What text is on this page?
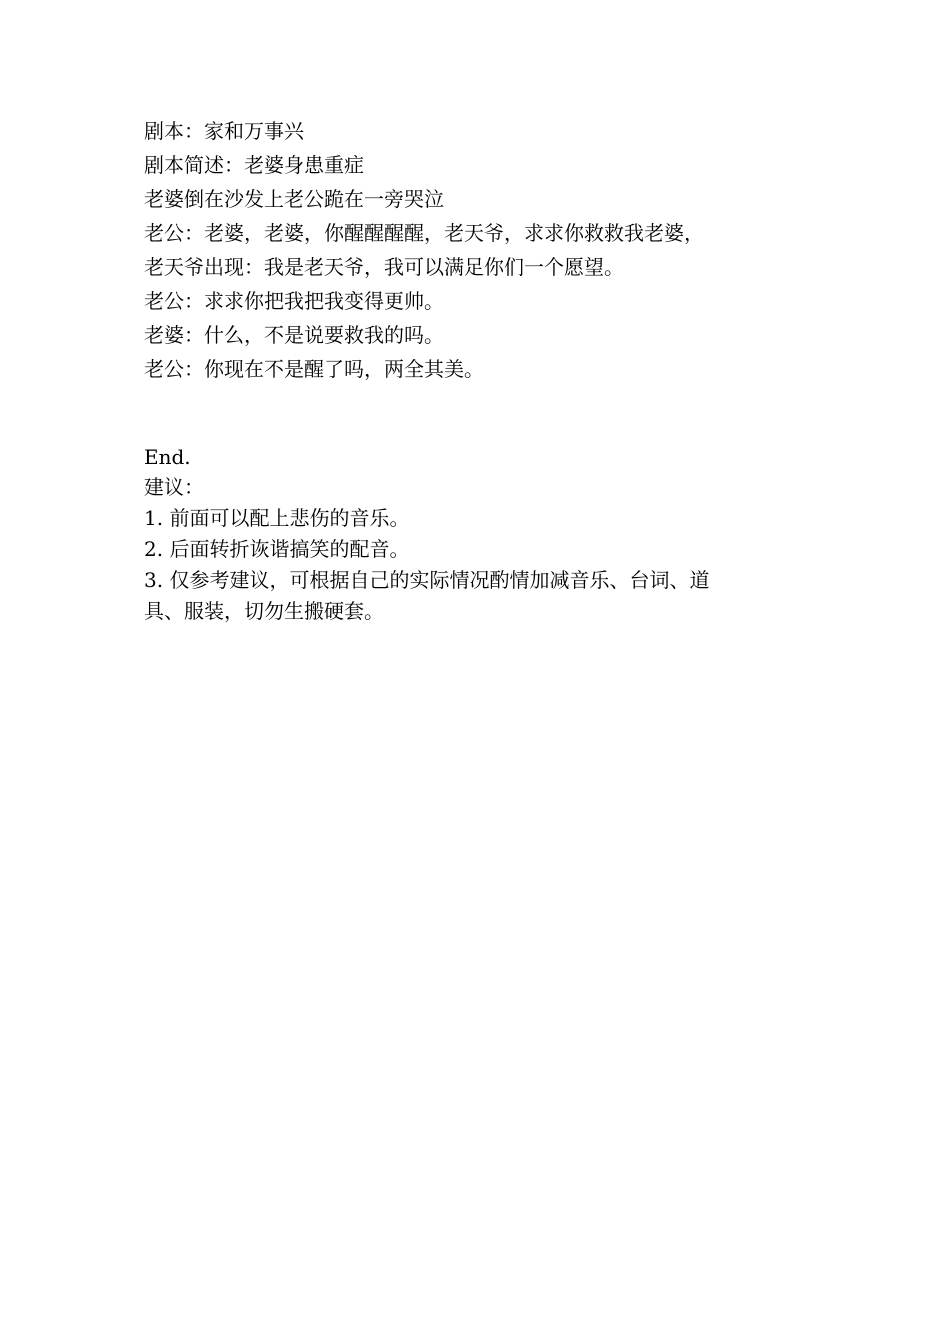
剧本：家和万事兴
剧本简述：老婆身患重症
老婆倒在沙发上老公跪在一旁哭泣
老公：老婆，老婆，你醒醒醒醒，老天爷，求求你救救我老婆，
老天爷出现：我是老天爷，我可以满足你们一个愿望。
老公：求求你把我把我变得更帅。
老婆：什么，不是说要救我的吗。
老公：你现在不是醒了吗，两全其美。
End.
建议：
1. 前面可以配上悲伤的音乐。
2. 后面转折诙谐搞笑的配音。
3. 仅参考建议，可根据自己的实际情况酌情加减音乐、台词、道具、服装，切勿生搬硬套。
